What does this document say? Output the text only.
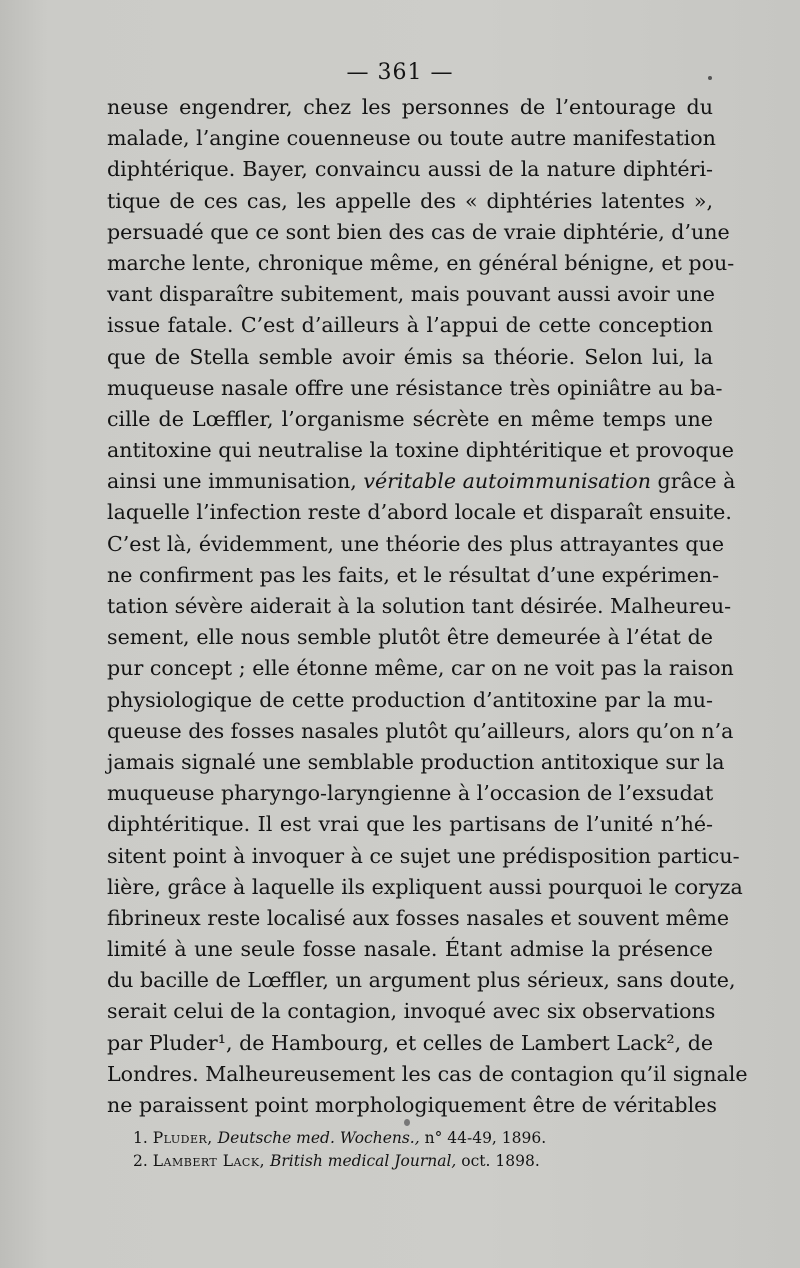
— 361 —
neuse engendrer, chez les personnes de l’entourage du
malade, l’angine couenneuse ou toute autre manifestation
diphtérique. Bayer, convaincu aussi de la nature diphtéri-
tique de ces cas, les appelle des « diphtéries latentes »,
persuadé que ce sont bien des cas de vraie diphtérie, d’une
marche lente, chronique même, en général bénigne, et pou-
vant disparaître subitement, mais pouvant aussi avoir une
issue fatale. C’est d’ailleurs à l’appui de cette conception
que de Stella semble avoir émis sa théorie. Selon lui, la
muqueuse nasale offre une résistance très opiniâtre au ba-
cille de Lœffler, l’organisme sécrète en même temps une
antitoxine qui neutralise la toxine diphtéritique et provoque
ainsi une immunisation, véritable autoimmunisation grâce à
laquelle l’infection reste d’abord locale et disparaît ensuite.
C’est là, évidemment, une théorie des plus attrayantes que
ne confirment pas les faits, et le résultat d’une expérimen-
tation sévère aiderait à la solution tant désirée. Malheureu-
sement, elle nous semble plutôt être demeurée à l’état de
pur concept ; elle étonne même, car on ne voit pas la raison
physiologique de cette production d’antitoxine par la mu-
queuse des fosses nasales plutôt qu’ailleurs, alors qu’on n’a
jamais signalé une semblable production antitoxique sur la
muqueuse pharyngo-laryngienne à l’occasion de l’exsudat
diphtéritique. Il est vrai que les partisans de l’unité n’hé-
sitent point à invoquer à ce sujet une prédisposition particu-
lière, grâce à laquelle ils expliquent aussi pourquoi le coryza
fibrineux reste localisé aux fosses nasales et souvent même
limité à une seule fosse nasale. Étant admise la présence
du bacille de Lœffler, un argument plus sérieux, sans doute,
serait celui de la contagion, invoqué avec six observations
par Pluder¹, de Hambourg, et celles de Lambert Lack², de
Londres. Malheureusement les cas de contagion qu’il signale
ne paraissent point morphologiquement être de véritables
1. Pluder, Deutsche med. Wochens., n° 44-49, 1896.
2. Lambert Lack, British medical Journal, oct. 1898.
